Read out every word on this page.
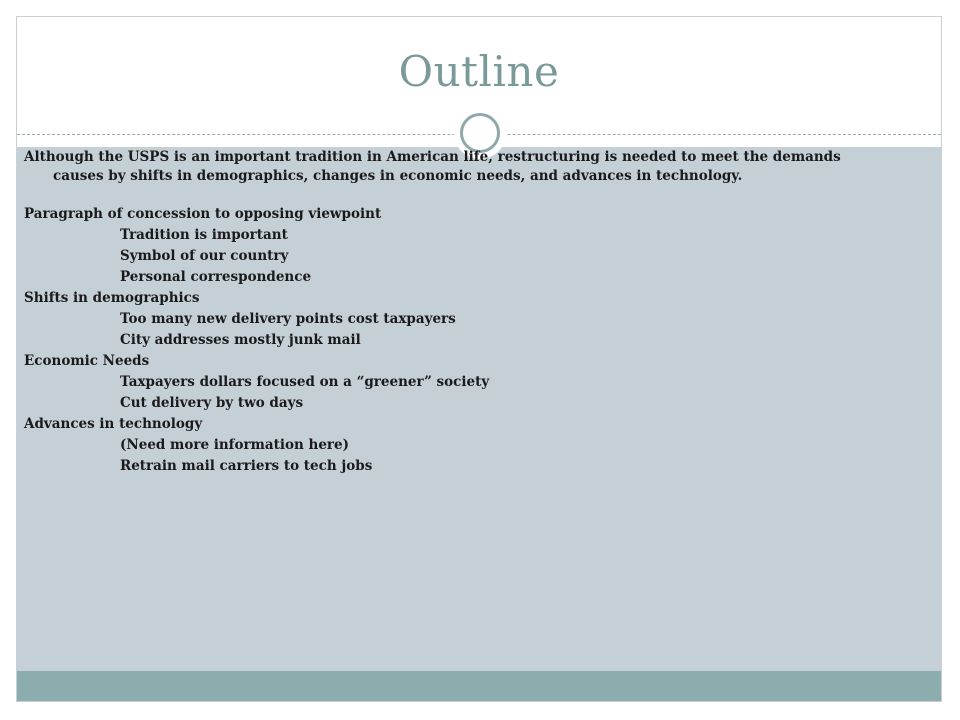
Outline

Although the USPS is an important tradition in American life, restructuring is needed to meet the demands causes by shifts in demographics, changes in economic needs, and advances in technology.

Paragraph of concession to opposing viewpoint
Tradition is important
Symbol of our country
Personal correspondence
Shifts in demographics
Too many new delivery points cost taxpayers
City addresses mostly junk mail
Economic Needs
Taxpayers dollars focused on a “greener” society
Cut delivery by two days
Advances in technology
(Need more information here)
Retrain mail carriers to tech jobs
